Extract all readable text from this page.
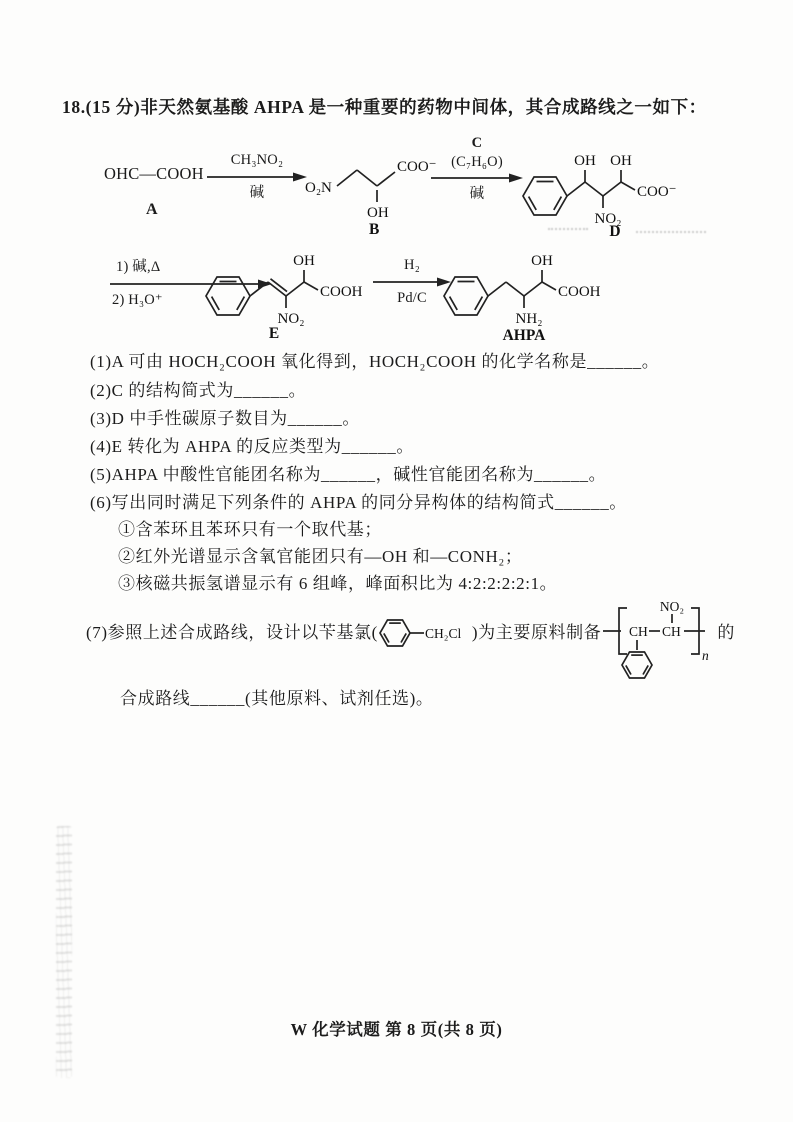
18.(15 分)非天然氨基酸 AHPA 是一种重要的药物中间体，其合成路线之一如下：
OHC—COOH
A
CH₃NO₂
碱	O₂N
COO⁻
OH
B
C
(C₇H₆O)
碱
OH
NO₂
OH
COO⁻
D
1) 碱,Δ
2) H₃O⁺
NO₂
OH
COOH
E
H₂
Pd/C
NH₂
OH
COOH
AHPA
(1)A 可由 HOCH₂COOH 氧化得到，HOCH₂COOH 的化学名称是______。
(2)C 的结构简式为______。
(3)D 中手性碳原子数目为______。
(4)E 转化为 AHPA 的反应类型为______。
(5)AHPA 中酸性官能团名称为______，碱性官能团名称为______。
(6)写出同时满足下列条件的 AHPA 的同分异构体的结构简式______。
①含苯环且苯环只有一个取代基；
②红外光谱显示含氧官能团只有—OH 和—CONH₂；
③核磁共振氢谱显示有 6 组峰，峰面积比为 4:2:2:2:2:1。
(7)参照上述合成路线，设计以苄基氯(	CH₂Cl )为主要原料制备 CH CH
NO₂
n
的
合成路线______(其他原料、试剂任选)。
W 化学试题 第 8 页(共 8 页)
